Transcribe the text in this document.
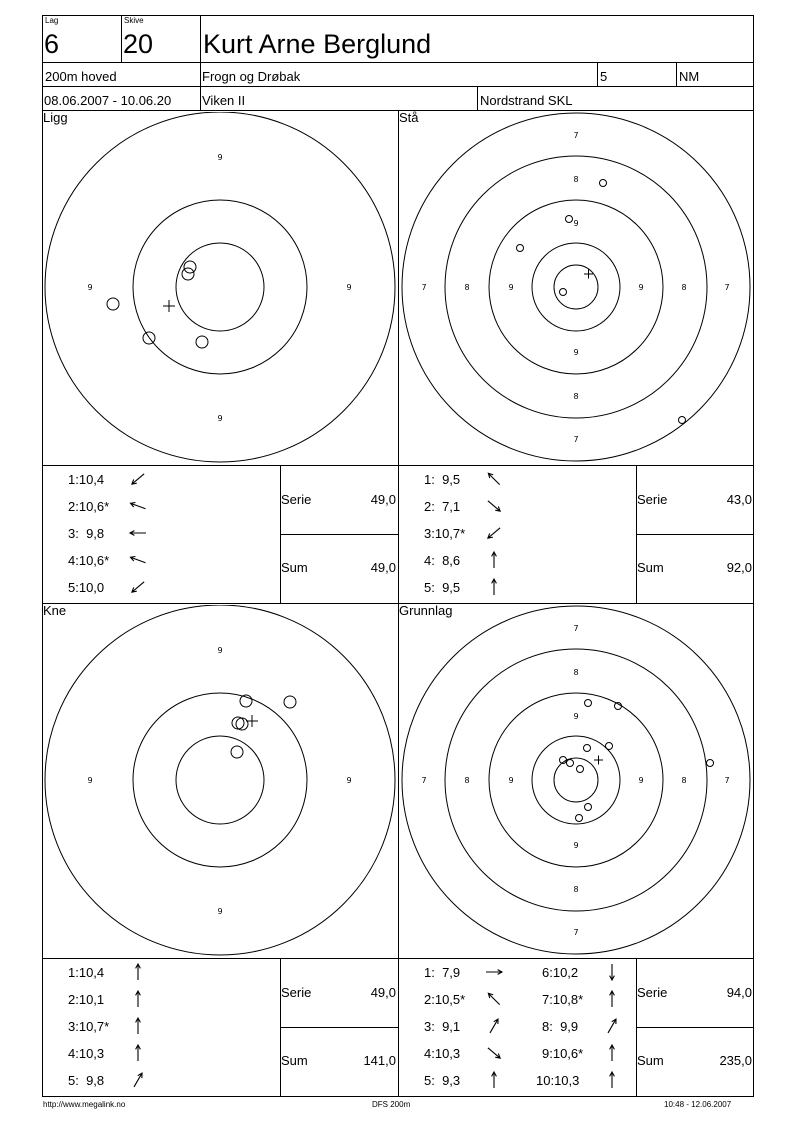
Lag
6
Skive
20 Kurt Arne Berglund
200m hoved	Frogn og Drøbak	5	NM
08.06.2007 - 10.06.20 Viken II	Nordstrand SKL
Ligg	Stå
Kne	Grunnlag
9
9	9
9
7
8
9
7	8	9	9	8	7
9
8
7
9
9	9
9
7
8
9
7	8	9	9	8	7
9
8
7
1:10,4
2:10,6*
3:  9,8
4:10,6*
5:10,0
Serie	49,0
Sum	49,0
1:  9,5
2:  7,1
3:10,7*
4:  8,6
5:  9,5
Serie	43,0
Sum	92,0
1:10,4
2:10,1
3:10,7*
4:10,3
5:  9,8
Serie	49,0
Sum	141,0
1:  7,9
2:10,5*
3:  9,1
4:10,3
5:  9,3
6:10,2
7:10,8*
8:  9,9
9:10,6*
10:10,3
Serie	94,0
Sum	235,0
http://www.megalink.no	DFS 200m	10:48 - 12.06.2007
